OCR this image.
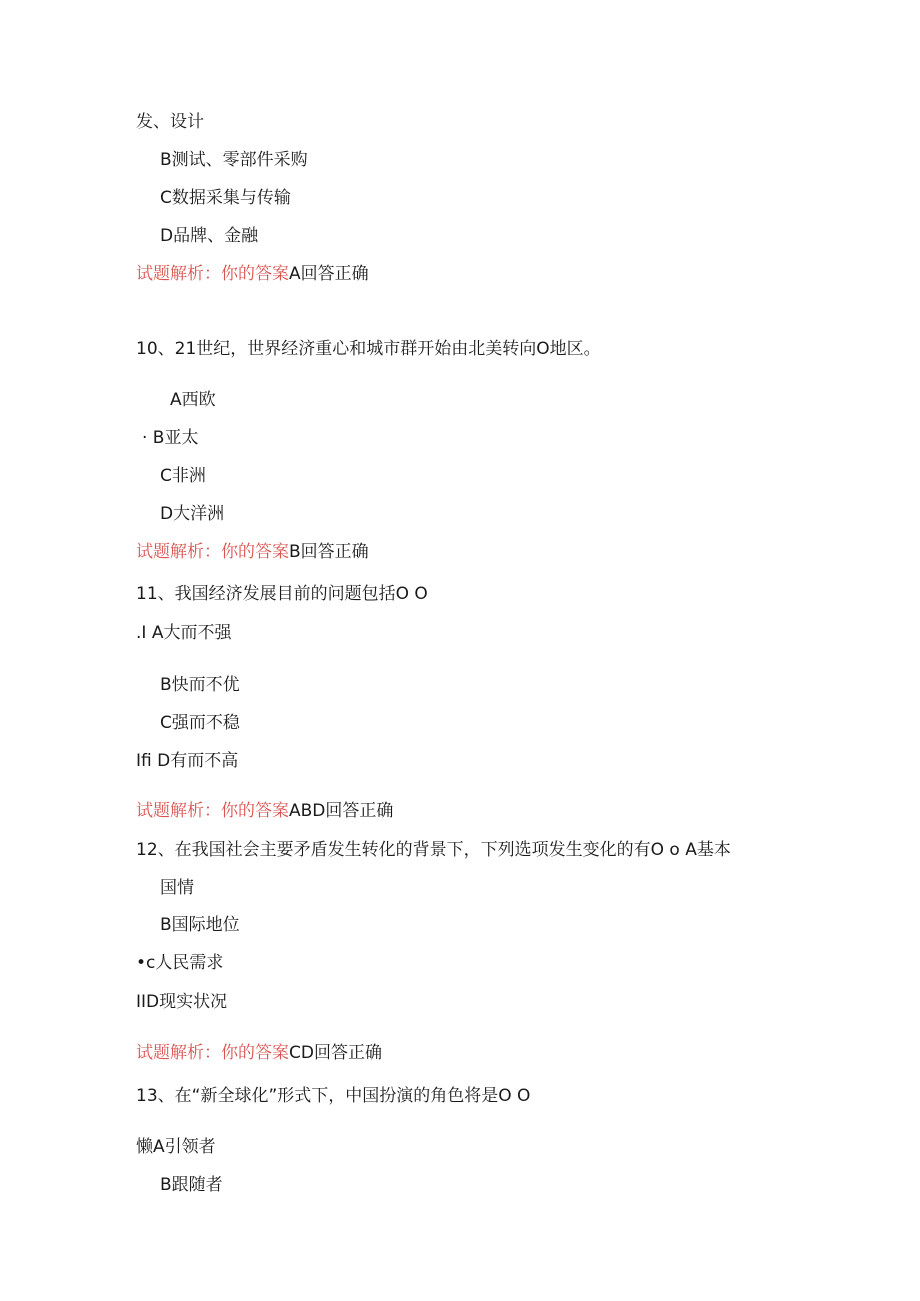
发、设计

B测试、零部件采购

C数据采集与传输

D品牌、金融

试题解析：你的答案A回答正确

10、21世纪，世界经济重心和城市群开始由北美转向O地区。

A西欧

· B亚太

C非洲

D大洋洲

试题解析：你的答案B回答正确

11、我国经济发展目前的问题包括O O

.I A大而不强

B快而不优

C强而不稳

Ifi D有而不高

试题解析：你的答案ABD回答正确

12、在我国社会主要矛盾发生转化的背景下，下列选项发生变化的有O o A基本

国情

B国际地位

•c人民需求

IID现实状况

试题解析：你的答案CD回答正确

13、在“新全球化”形式下，中国扮演的角色将是O O

懒A引领者

B跟随者
